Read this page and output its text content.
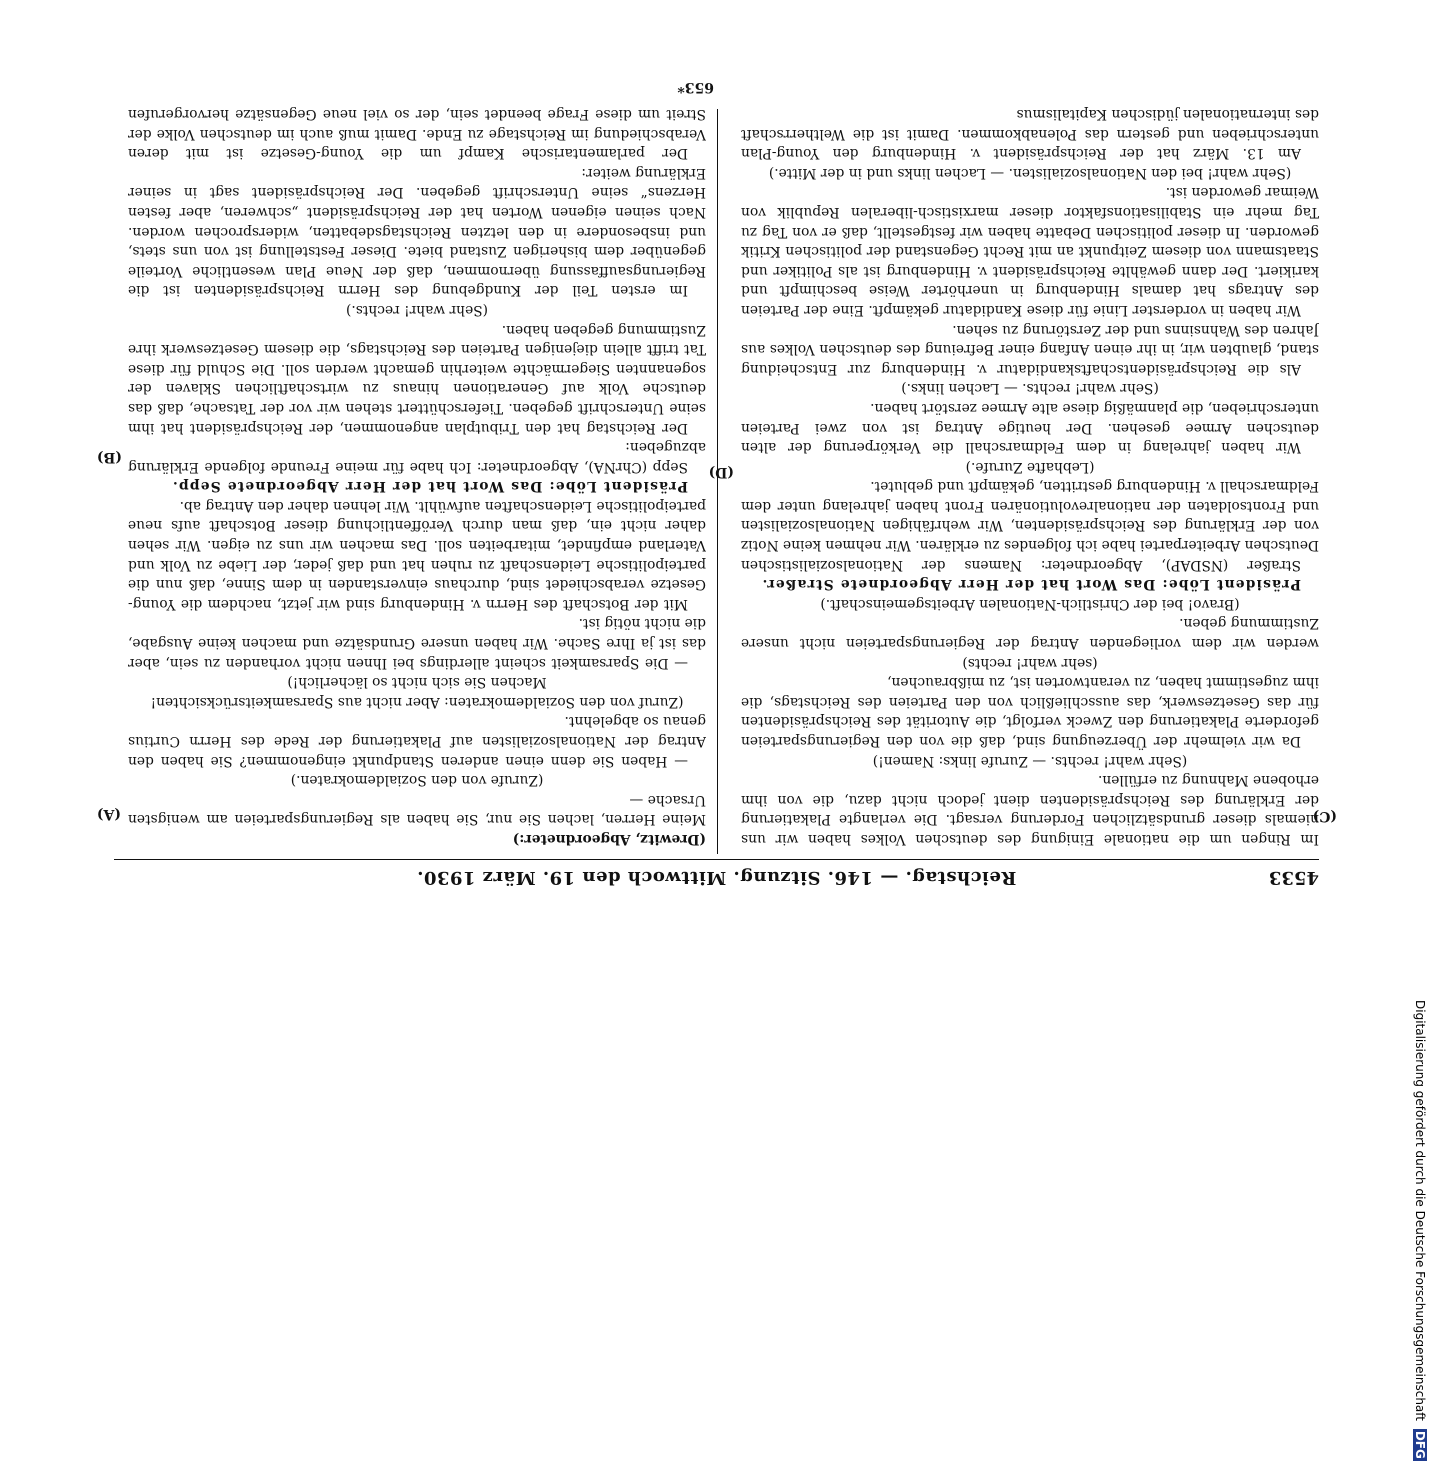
4533
Reichstag. — 146. Sitzung. Mittwoch den 19. März 1930.

Im Ringen um die nationale Einigung des deutschen Volkes haben wir uns niemals dieser grundsätzlichen Forderung versagt. Die verlangte Plakatierung der Erklärung des Reichspräsidenten dient jedoch nicht dazu, die von ihm erhobene Mahnung zu erfüllen.

(Sehr wahr! rechts. — Zurufe links: Namen!)

Da wir vielmehr der Überzeugung sind, daß die von den Regierungsparteien geforderte Plakatierung den Zweck verfolgt, die Autorität des Reichspräsidenten für das Gesetzeswerk, das ausschließlich von den Parteien des Reichstags, die ihm zugestimmt haben, zu verantworten ist, zu mißbrauchen,

(sehr wahr! rechts)

werden wir dem vorliegenden Antrag der Regierungsparteien nicht unsere Zustimmung geben.

(Bravo! bei der Christlich-Nationalen Arbeitsgemeinschaft.)

Präsident Löbe: Das Wort hat der Herr Abgeordnete Straßer.

Straßer (NSDAP), Abgeordneter: Namens der Nationalsozialistischen Deutschen Arbeiterpartei habe ich folgendes zu erklären. Wir nehmen keine Notiz von der Erklärung des Reichspräsidenten, Wir wehrfähigen Nationalsozialisten und Frontsoldaten der nationalrevolutionären Front haben jahrelang unter dem Feldmarschall v. Hindenburg gestritten, gekämpft und geblutet.

(Lebhafte Zurufe.)

Wir haben jahrelang in dem Feldmarschall die Verkörperung der alten deutschen Armee gesehen. Der heutige Antrag ist von zwei Parteien unterschrieben, die planmäßig diese alte Armee zerstört haben.

(Sehr wahr! rechts. — Lachen links.)

Als die Reichspräsidentschaftskandidatur v. Hindenburg zur Entscheidung stand, glaubten wir, in ihr einen Anfang einer Befreiung des deutschen Volkes aus Jahren des Wahnsinns und der Zerstörung zu sehen.

Wir haben in vorderster Linie für diese Kandidatur gekämpft. Eine der Parteien des Antrags hat damals Hindenburg in unerhörter Weise beschimpft und karikiert. Der dann gewählte Reichspräsident v. Hindenburg ist als Politiker und Staatsmann von diesem Zeitpunkt an mit Recht Gegenstand der politischen Kritik geworden. In dieser politischen Debatte haben wir festgestellt, daß er von Tag zu Tag mehr ein Stabilisationsfaktor dieser marxistisch-liberalen Republik von Weimar geworden ist.

(Sehr wahr! bei den Nationalsozialisten. — Lachen links und in der Mitte.)

Am 13. März hat der Reichspräsident v. Hindenburg den Young-Plan unterschrieben und gestern das Polenabkommen. Damit ist die Weltherrschaft des internationalen jüdischen Kapitalismus

(Drewitz, Abgeordneter:)

Meine Herren, lachen Sie nur, Sie haben als Regierungsparteien am wenigsten Ursache —

(Zurufe von den Sozialdemokraten.)

— Haben Sie denn einen anderen Standpunkt eingenommen? Sie haben den Antrag der Nationalsozialisten auf Plakatierung der Rede des Herrn Curtius genau so abgelehnt.

(Zuruf von den Sozialdemokraten: Aber nicht aus Sparsamkeitsrücksichten! Machen Sie sich nicht so lächerlich!)

— Die Sparsamkeit scheint allerdings bei Ihnen nicht vorhanden zu sein, aber das ist ja Ihre Sache. Wir haben unsere Grundsätze und machen keine Ausgabe, die nicht nötig ist.

Mit der Botschaft des Herrn v. Hindenburg sind wir jetzt, nachdem die Young-Gesetze verabschiedet sind, durchaus einverstanden in dem Sinne, daß nun die parteipolitische Leidenschaft zu ruhen hat und daß jeder, der Liebe zu Volk und Vaterland empfindet, mitarbeiten soll. Das machen wir uns zu eigen. Wir sehen daher nicht ein, daß man durch Veröffentlichung dieser Botschaft aufs neue parteipolitische Leidenschaften aufwühlt. Wir lehnen daher den Antrag ab.

Präsident Löbe: Das Wort hat der Herr Abgeordnete Sepp.

Sepp (ChrNA), Abgeordneter: Ich habe für meine Freunde folgende Erklärung abzugeben:

Der Reichstag hat den Tributplan angenommen, der Reichspräsident hat ihm seine Unterschrift gegeben. Tieferschüttert stehen wir vor der Tatsache, daß das deutsche Volk auf Generationen hinaus zu wirtschaftlichen Sklaven der sogenannten Siegermächte weiterhin gemacht werden soll. Die Schuld für diese Tat trifft allein diejenigen Parteien des Reichstags, die diesem Gesetzeswerk ihre Zustimmung gegeben haben.

(Sehr wahr! rechts.)

Im ersten Teil der Kundgebung des Herrn Reichspräsidenten ist die Regierungsauffassung übernommen, daß der Neue Plan wesentliche Vorteile gegenüber dem bisherigen Zustand biete. Dieser Feststellung ist von uns stets, und insbesondere in den letzten Reichstagsdebatten, widersprochen worden. Nach seinen eigenen Worten hat der Reichspräsident „schweren, aber festen Herzens“ seine Unterschrift gegeben. Der Reichspräsident sagt in seiner Erklärung weiter:

Der parlamentarische Kampf um die Young-Gesetze ist mit deren Verabschiedung im Reichstage zu Ende. Damit muß auch im deutschen Volke der Streit um diese Frage beendet sein, der so viel neue Gegensätze hervorgerufen

(C)
(D)
(A)
(B)
653*
Digitalisierung gefördert durch die Deutsche Forschungsgemeinschaft DFG
